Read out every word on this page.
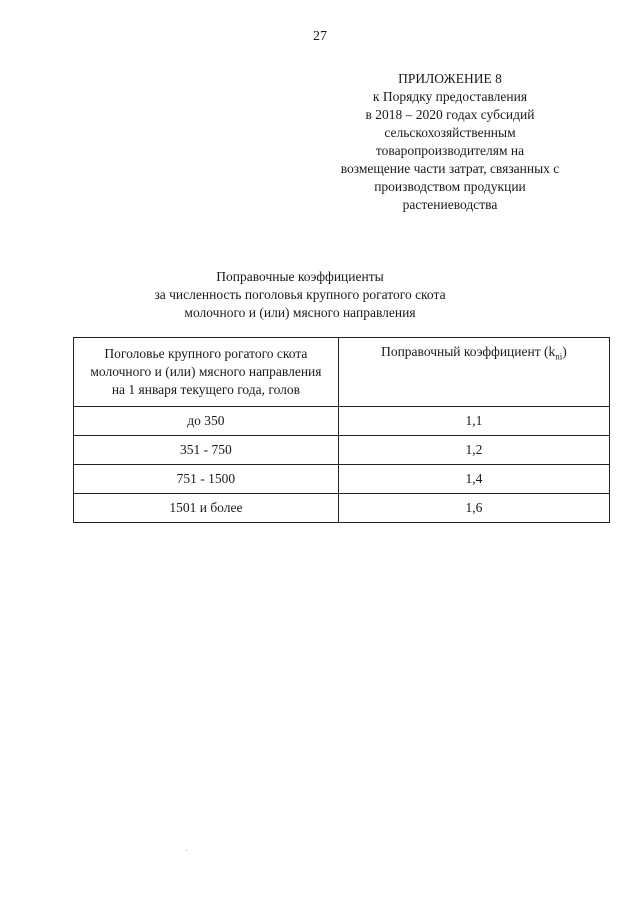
27
ПРИЛОЖЕНИЕ 8
к Порядку предоставления
в 2018 – 2020 годах субсидий
сельскохозяйственным
товаропроизводителям на
возмещение части затрат, связанных с
производством продукции
растениеводства
Поправочные коэффициенты
за численность поголовья крупного рогатого скота
молочного и (или) мясного направления
Поголовье крупного рогатого скота
молочного и (или) мясного направления
на 1 января текущего года, голов	Поправочный коэффициент $(k_{ni})$
до 350	1,1
351 - 750	1,2
751 - 1500	1,4
1501 и более	1,6
